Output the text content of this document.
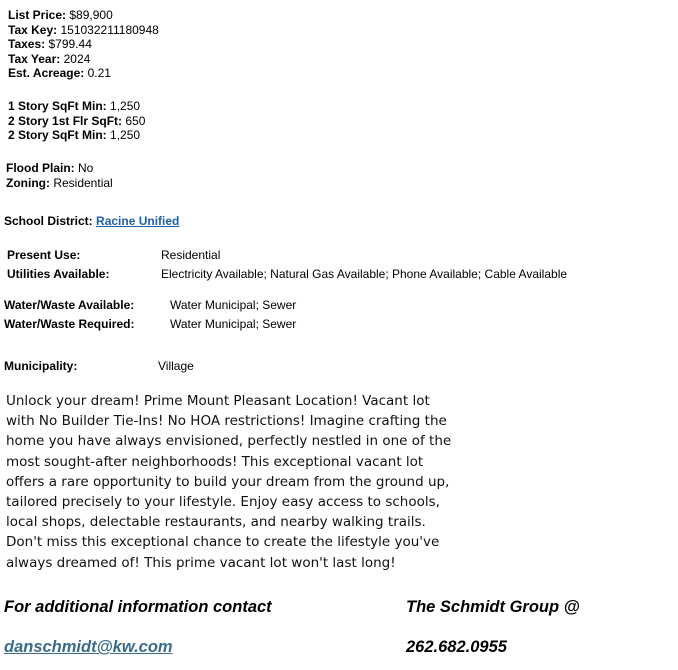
List Price: $89,900
Tax Key: 151032211180948
Taxes: $799.44
Tax Year: 2024
Est. Acreage: 0.21
1 Story SqFt Min: 1,250
2 Story 1st Flr SqFt: 650
2 Story SqFt Min: 1,250
Flood Plain: No
Zoning: Residential
School District: Racine Unified
Present Use:	Residential
Utilities Available:	Electricity Available; Natural Gas Available; Phone Available; Cable Available
Water/Waste Available:	Water Municipal; Sewer
Water/Waste Required:	Water Municipal; Sewer
Municipality:	Village
Unlock your dream! Prime Mount Pleasant Location! Vacant lot
with No Builder Tie-Ins! No HOA restrictions! Imagine crafting the
home you have always envisioned, perfectly nestled in one of the
most sought-after neighborhoods! This exceptional vacant lot
offers a rare opportunity to build your dream from the ground up,
tailored precisely to your lifestyle. Enjoy easy access to schools,
local shops, delectable restaurants, and nearby walking trails.
Don't miss this exceptional chance to create the lifestyle you've
always dreamed of! This prime vacant lot won't last long!
For additional information contact	The Schmidt Group @
danschmidt@kw.com	262.682.0955
